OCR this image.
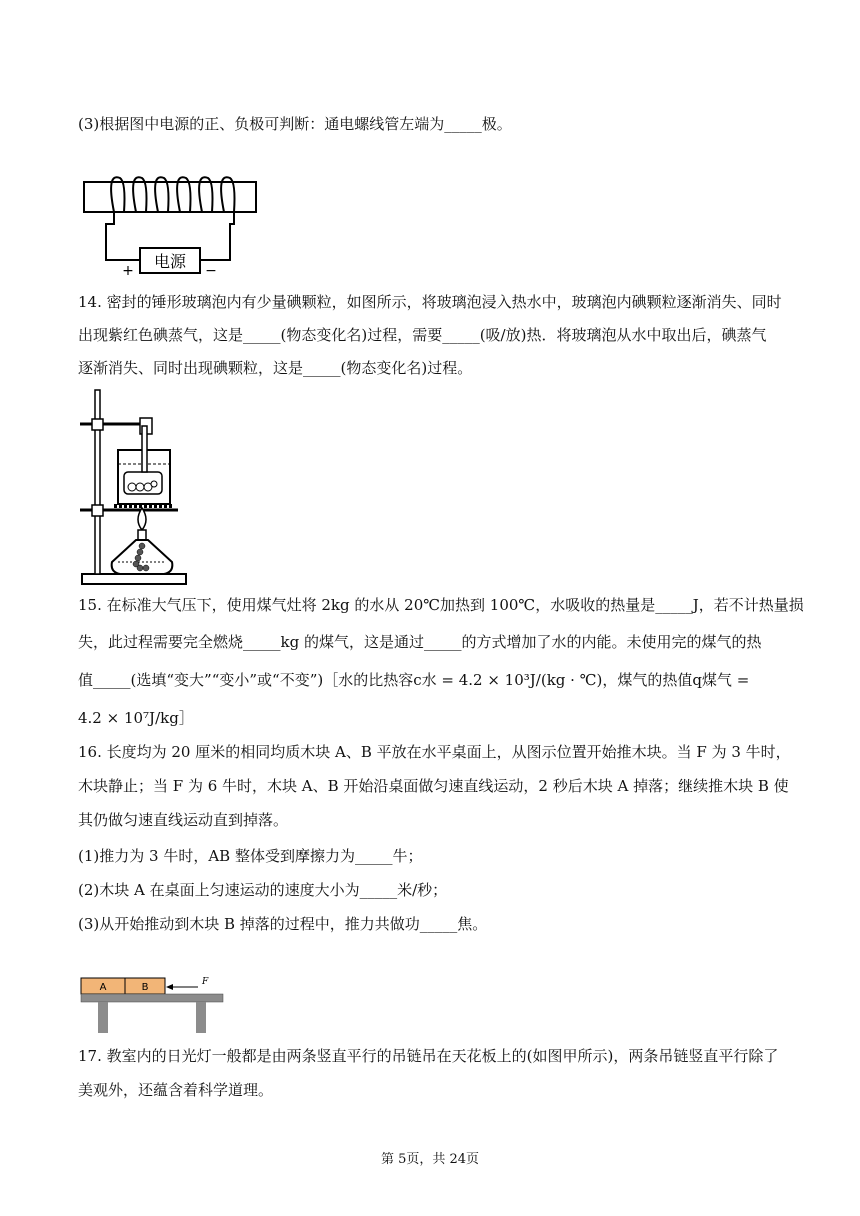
(3)根据图中电源的正、负极可判断：通电螺线管左端为_____极。
电源
+	−
14. 密封的锤形玻璃泡内有少量碘颗粒，如图所示，将玻璃泡浸入热水中，玻璃泡内碘颗粒逐渐消失、同时
出现紫红色碘蒸气，这是_____(物态变化名)过程，需要_____(吸/放)热．将玻璃泡从水中取出后，碘蒸气
逐渐消失、同时出现碘颗粒，这是_____(物态变化名)过程。
15. 在标准大气压下，使用煤气灶将 2kg 的水从 20℃加热到 100℃，水吸收的热量是_____J，若不计热量损
失，此过程需要完全燃烧_____kg 的煤气，这是通过_____的方式增加了水的内能。未使用完的煤气的热
值_____(选填“变大”“变小”或“不变”)［水的比热容c水 = 4.2 × 10³J/(kg · ℃)，煤气的热值q煤气 =
4.2 × 10⁷J/kg］
16. 长度均为 20 厘米的相同均质木块 A、B 平放在水平桌面上，从图示位置开始推木块。当 F 为 3 牛时，
木块静止；当 F 为 6 牛时，木块 A、B 开始沿桌面做匀速直线运动，2 秒后木块 A 掉落；继续推木块 B 使
其仍做匀速直线运动直到掉落。
(1)推力为 3 牛时，AB 整体受到摩擦力为_____牛；
(2)木块 A 在桌面上匀速运动的速度大小为_____米/秒；
(3)从开始推动到木块 B 掉落的过程中，推力共做功_____焦。
A	B	F
17. 教室内的日光灯一般都是由两条竖直平行的吊链吊在天花板上的(如图甲所示)，两条吊链竖直平行除了
美观外，还蕴含着科学道理。
第 5页，共 24页
